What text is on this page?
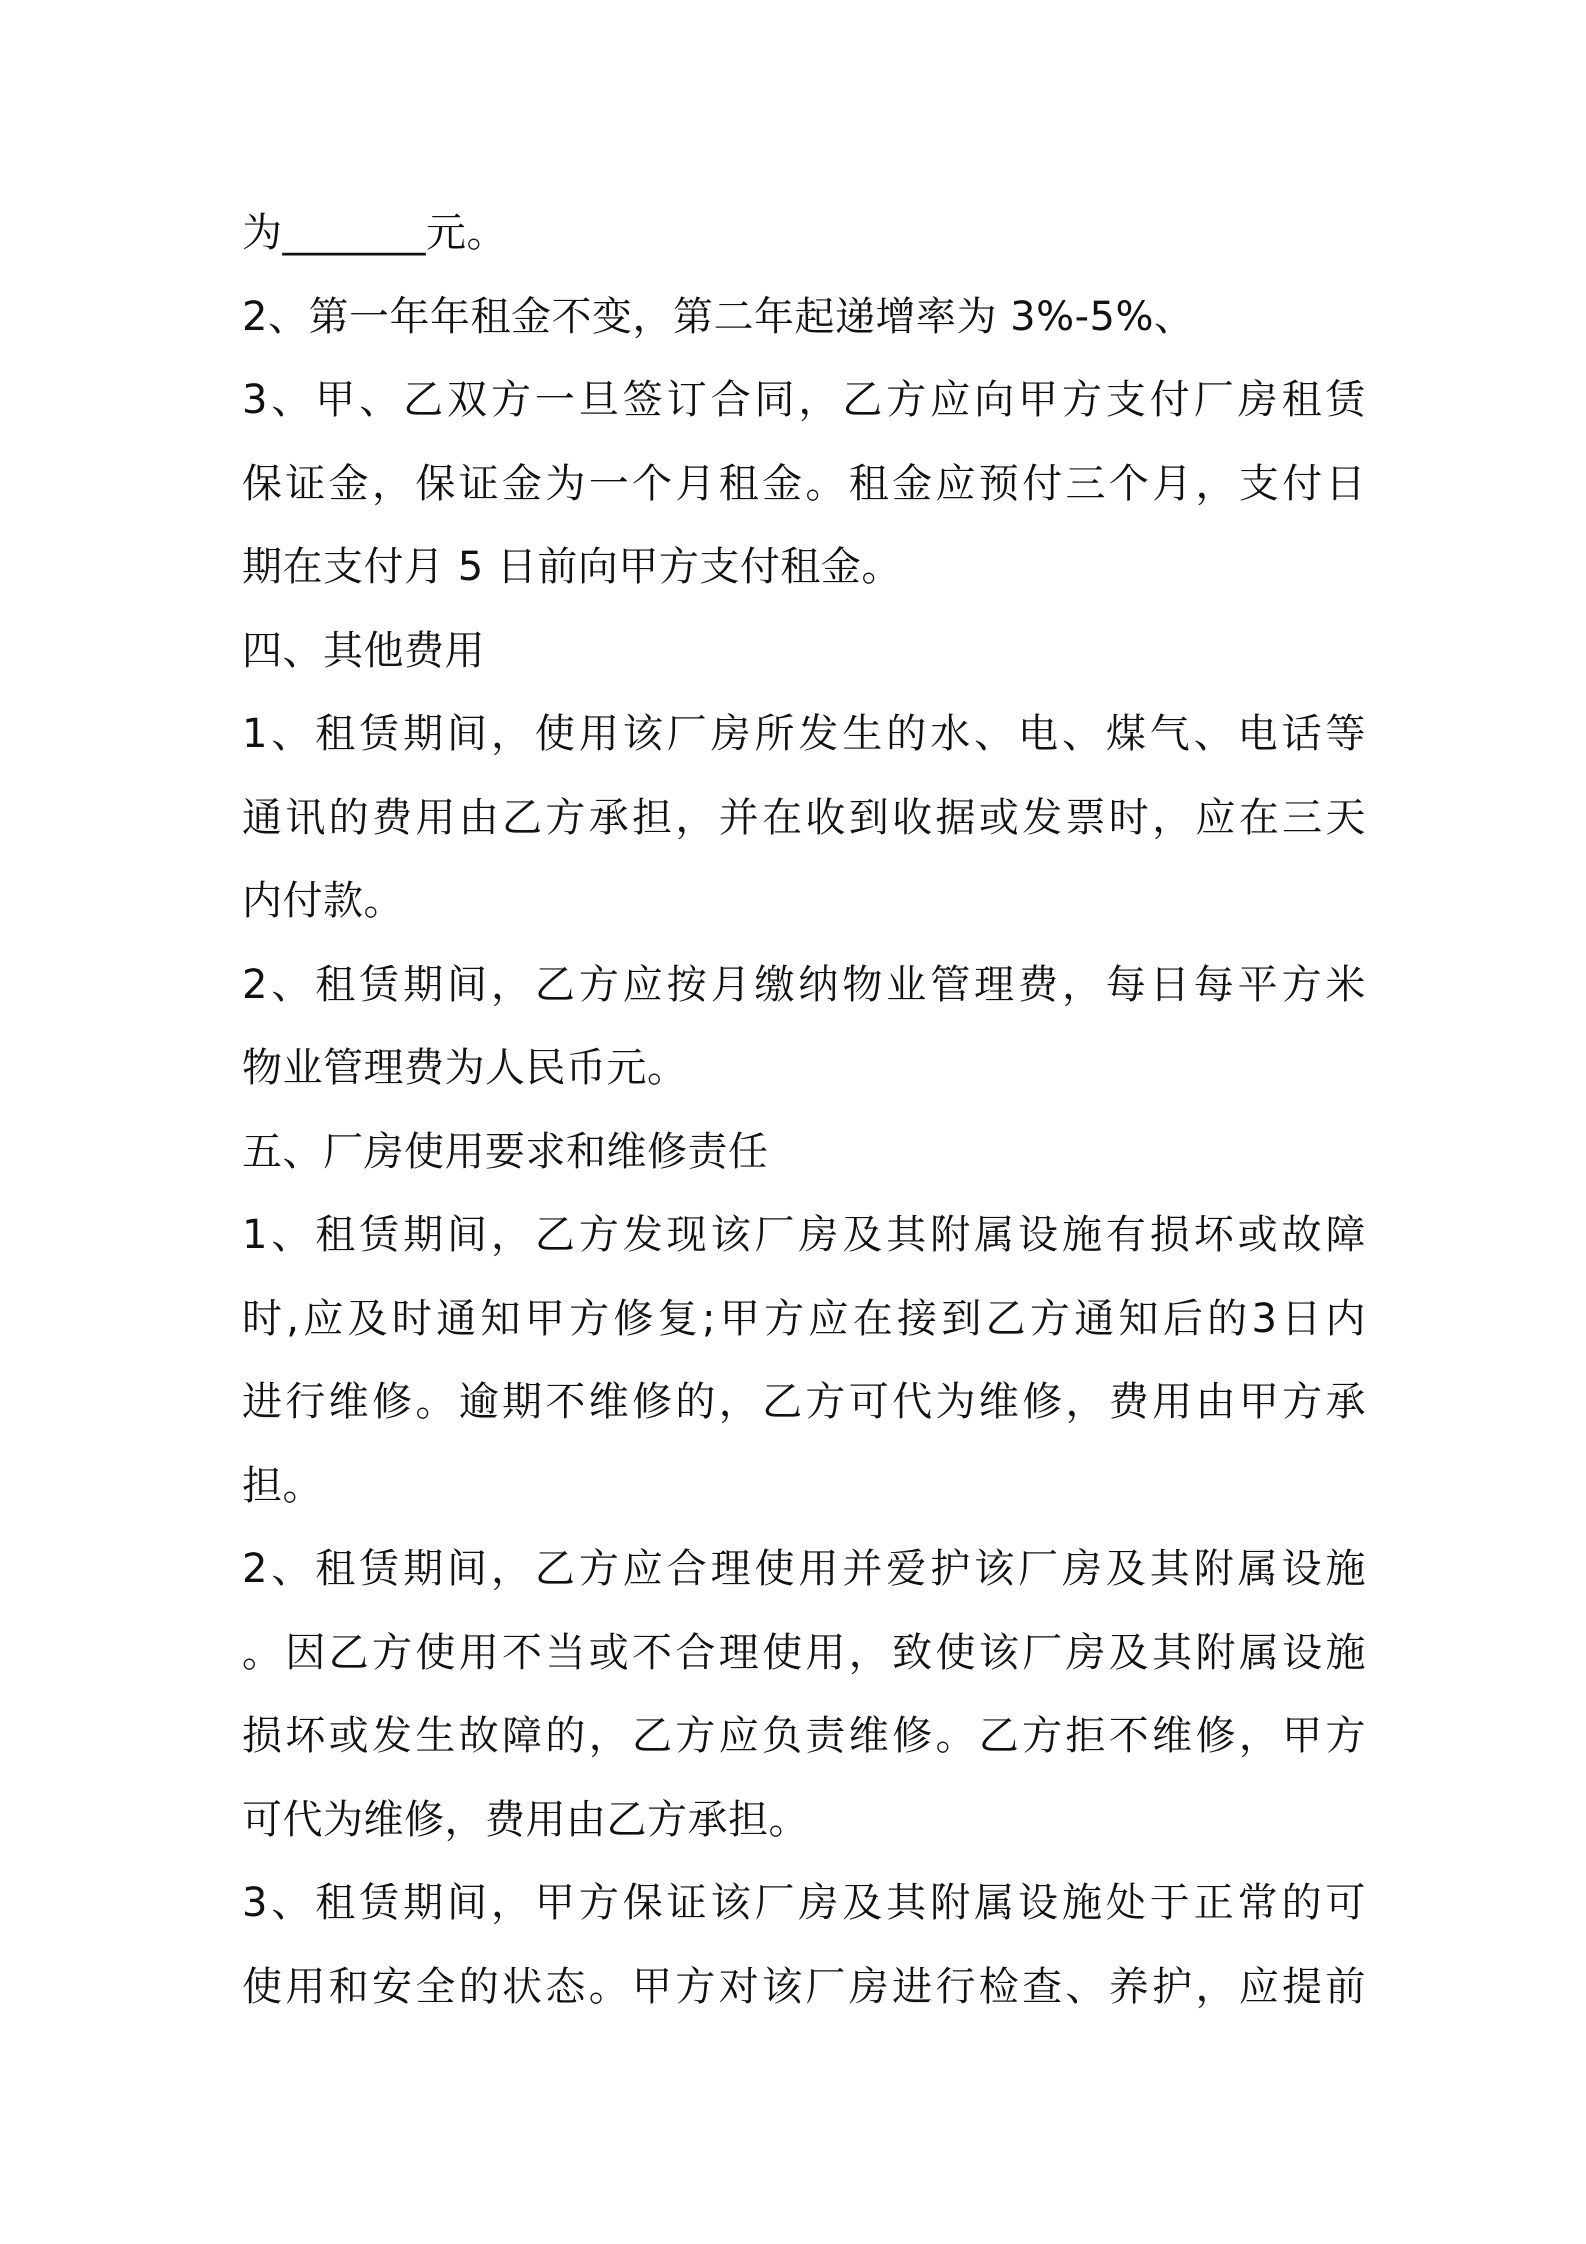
为_______元。
2、第一年年租金不变，第二年起递增率为 3%-5%、
3、甲、乙双方一旦签订合同，乙方应向甲方支付厂房租赁
保证金，保证金为一个月租金。租金应预付三个月，支付日
期在支付月 5 日前向甲方支付租金。
四、其他费用
1、租赁期间，使用该厂房所发生的水、电、煤气、电话等
通讯的费用由乙方承担，并在收到收据或发票时，应在三天
内付款。
2、租赁期间，乙方应按月缴纳物业管理费，每日每平方米
物业管理费为人民币元。
五、厂房使用要求和维修责任
1、租赁期间，乙方发现该厂房及其附属设施有损坏或故障
时,应及时通知甲方修复;甲方应在接到乙方通知后的3日内
进行维修。逾期不维修的，乙方可代为维修，费用由甲方承
担。
2、租赁期间，乙方应合理使用并爱护该厂房及其附属设施
。因乙方使用不当或不合理使用，致使该厂房及其附属设施
损坏或发生故障的，乙方应负责维修。乙方拒不维修，甲方
可代为维修，费用由乙方承担。
3、租赁期间，甲方保证该厂房及其附属设施处于正常的可
使用和安全的状态。甲方对该厂房进行检查、养护，应提前
